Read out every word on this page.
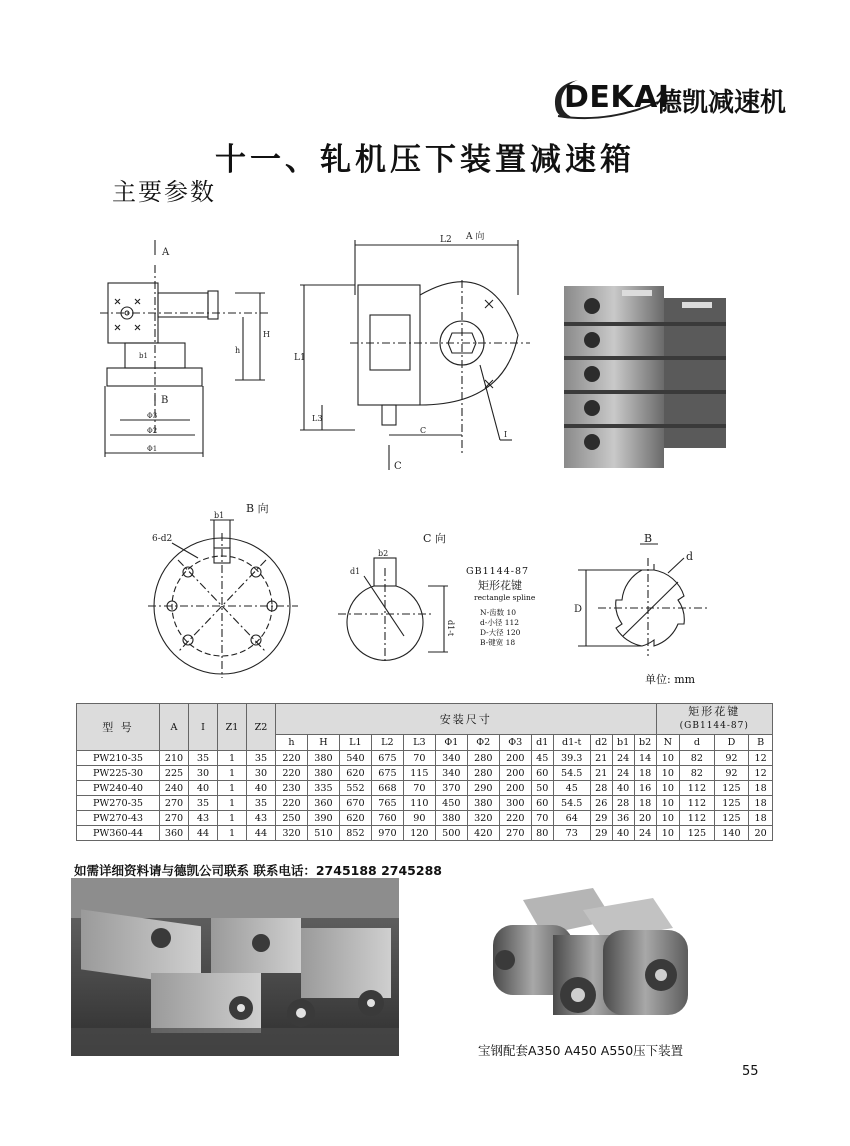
DEKAI
德凯减速机
十一、轧机压下装置减速箱
主要参数
A
H
h
b1
B
Φ3
Φ2
Φ1
L2 A 向
L1
L3
C	I
C
B 向
b1
6-d2	C 向
b2
d1
d1-t
GB1144-87
矩形花键
rectangle spline
N-齿数 10
d-小径 112
D-大径 120
B-键宽 18
B
d
D
单位: mm
型 号	A	I	Z1	Z2	安装尺寸													矩形花键
(GB1144-87)			

					h	H	L1	L2	L3	Φ1	Φ2	Φ3	d1	d1-t	d2	b1	b2	N	d	D	B
PW210-35	210	35	1	35	220	380	540	675	70	340	280	200	45	39.3	21	24	14	10	82	92	12
PW225-30	225	30	1	30	220	380	620	675	115	340	280	200	60	54.5	21	24	18	10	82	92	12
PW240-40	240	40	1	40	230	335	552	668	70	370	290	200	50	45	28	40	16	10	112	125	18
PW270-35	270	35	1	35	220	360	670	765	110	450	380	300	60	54.5	26	28	18	10	112	125	18
PW270-43	270	43	1	43	250	390	620	760	90	380	320	220	70	64	29	36	20	10	112	125	18
PW360-44	360	44	1	44	320	510	852	970	120	500	420	270	80	73	29	40	24	10	125	140	20
如需详细资料请与德凯公司联系 联系电话：2745188 2745288
宝钢配套A350 A450 A550压下装置
55
